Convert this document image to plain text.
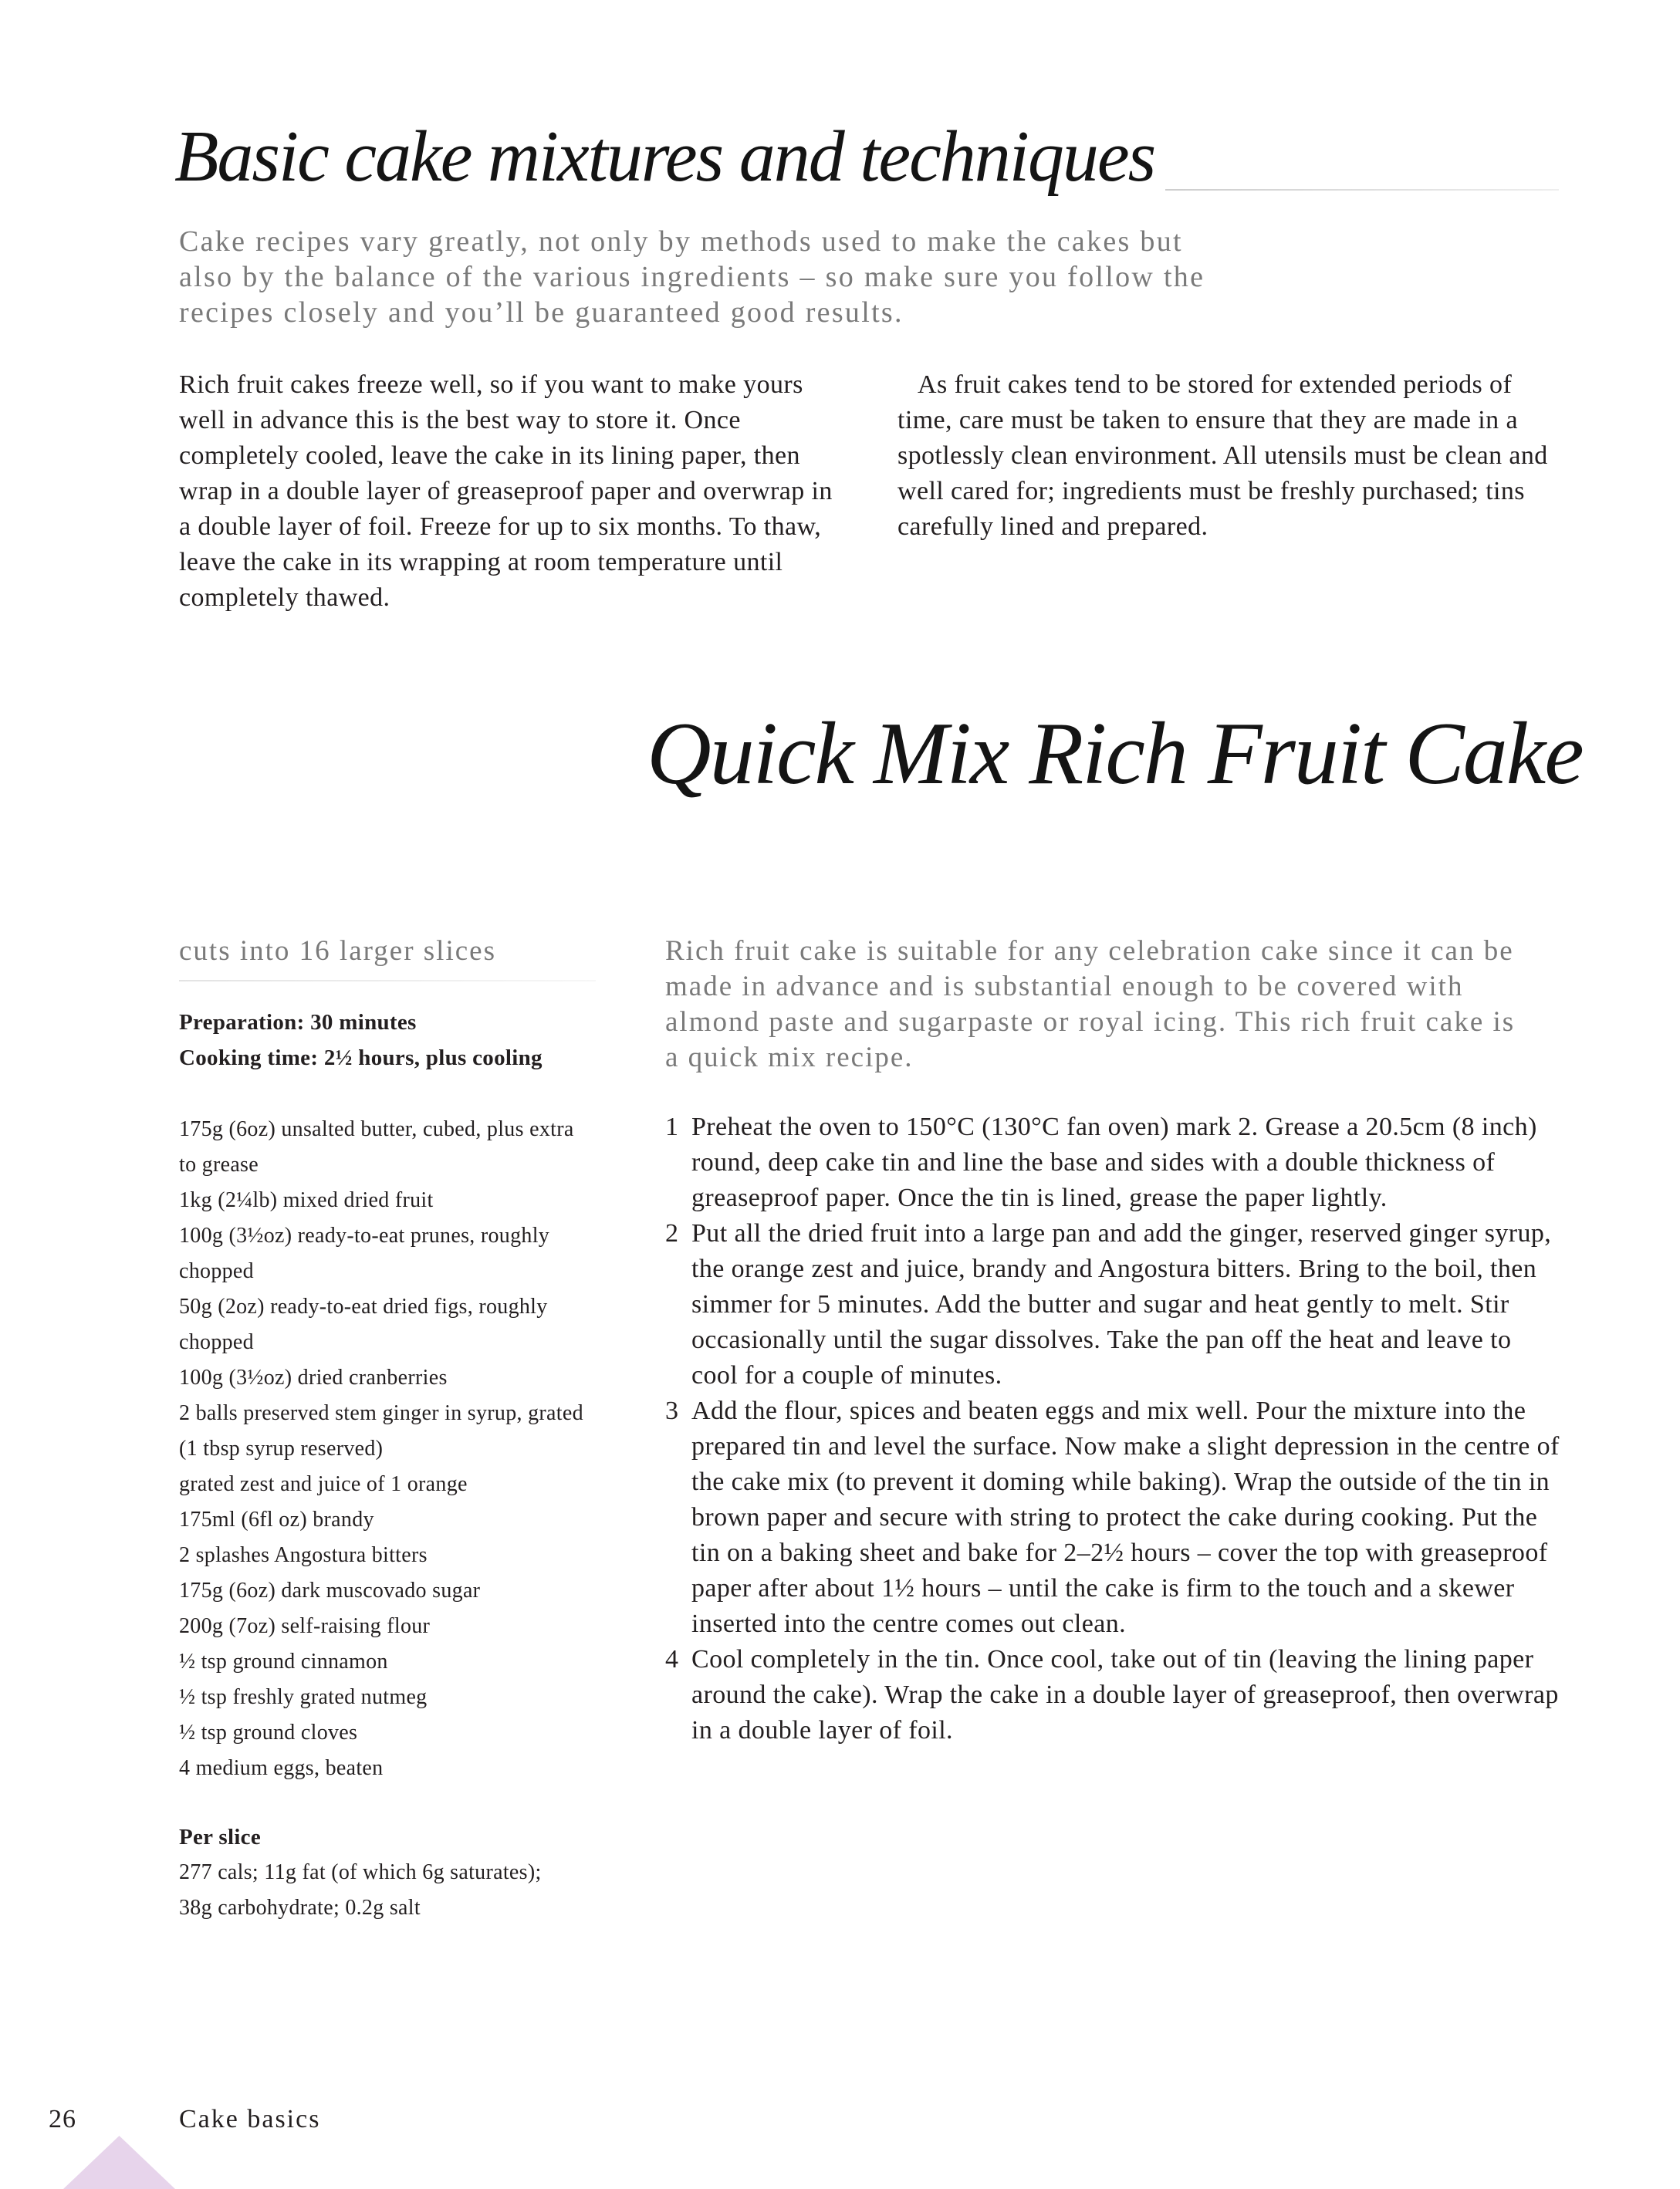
Basic cake mixtures and techniques

Cake recipes vary greatly, not only by methods used to make the cakes but also by the balance of the various ingredients – so make sure you follow the recipes closely and you’ll be guaranteed good results.

Rich fruit cakes freeze well, so if you want to make yours well in advance this is the best way to store it. Once completely cooled, leave the cake in its lining paper, then wrap in a double layer of greaseproof paper and overwrap in a double layer of foil. Freeze for up to six months. To thaw, leave the cake in its wrapping at room temperature until completely thawed.

As fruit cakes tend to be stored for extended periods of time, care must be taken to ensure that they are made in a spotlessly clean environment. All utensils must be clean and well cared for; ingredients must be freshly purchased; tins carefully lined and prepared.

Quick Mix Rich Fruit Cake

cuts into 16 larger slices

Preparation: 30 minutes
Cooking time: 2½ hours, plus cooling
175g (6oz) unsalted butter, cubed, plus extra to grease
1kg (2¼lb) mixed dried fruit
100g (3½oz) ready-to-eat prunes, roughly chopped
50g (2oz) ready-to-eat dried figs, roughly chopped
100g (3½oz) dried cranberries
2 balls preserved stem ginger in syrup, grated (1 tbsp syrup reserved)
grated zest and juice of 1 orange
175ml (6fl oz) brandy
2 splashes Angostura bitters
175g (6oz) dark muscovado sugar
200g (7oz) self-raising flour
½ tsp ground cinnamon
½ tsp freshly grated nutmeg
½ tsp ground cloves
4 medium eggs, beaten
Per slice
277 cals; 11g fat (of which 6g saturates);
38g carbohydrate; 0.2g salt

Rich fruit cake is suitable for any celebration cake since it can be made in advance and is substantial enough to be covered with almond paste and sugarpaste or royal icing. This rich fruit cake is a quick mix recipe.

1 Preheat the oven to 150°C (130°C fan oven) mark 2. Grease a 20.5cm (8 inch) round, deep cake tin and line the base and sides with a double thickness of greaseproof paper. Once the tin is lined, grease the paper lightly.
2 Put all the dried fruit into a large pan and add the ginger, reserved ginger syrup, the orange zest and juice, brandy and Angostura bitters. Bring to the boil, then simmer for 5 minutes. Add the butter and sugar and heat gently to melt. Stir occasionally until the sugar dissolves. Take the pan off the heat and leave to cool for a couple of minutes.
3 Add the flour, spices and beaten eggs and mix well. Pour the mixture into the prepared tin and level the surface. Now make a slight depression in the centre of the cake mix (to prevent it doming while baking). Wrap the outside of the tin in brown paper and secure with string to protect the cake during cooking. Put the tin on a baking sheet and bake for 2–2½ hours – cover the top with greaseproof paper after about 1½ hours – until the cake is firm to the touch and a skewer inserted into the centre comes out clean.
4 Cool completely in the tin. Once cool, take out of tin (leaving the lining paper around the cake). Wrap the cake in a double layer of greaseproof, then overwrap in a double layer of foil.
26	Cake basics
